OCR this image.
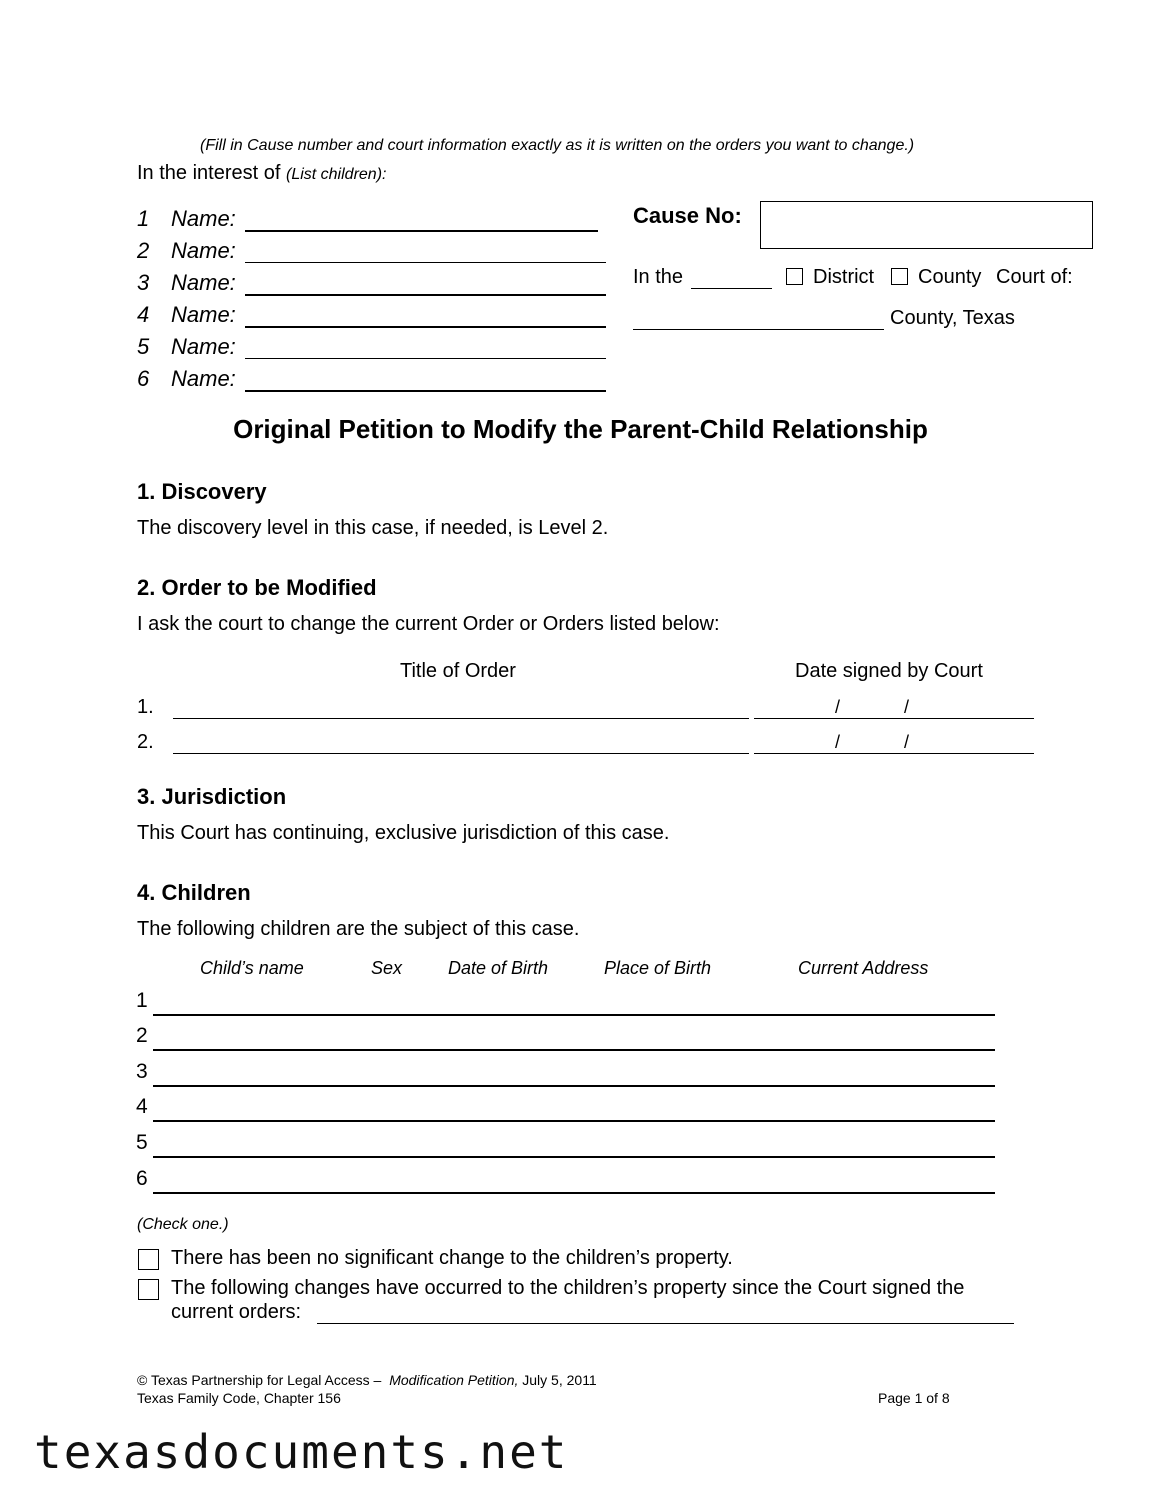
(Fill in Cause number and court information exactly as it is written on the orders you want to change.)
In the interest of (List children):
1 Name:
2 Name:
3 Name:
4 Name:
5 Name:
6 Name:
Cause No:
In the	District County Court of:
County, Texas
Original Petition to Modify the Parent-Child Relationship
1. Discovery
The discovery level in this case, if needed, is Level 2.
2. Order to be Modified
I ask the court to change the current Order or Orders listed below:
Title of Order	Date signed by Court
1.	/	/
2.	/	/
3. Jurisdiction
This Court has continuing, exclusive jurisdiction of this case.
4. Children
The following children are the subject of this case.
Child’s name	Sex	Date of Birth	Place of Birth	Current Address
1
2
3
4
5
6
(Check one.)
There has been no significant change to the children’s property.
The following changes have occurred to the children’s property since the Court signed the
current orders:
© Texas Partnership for Legal Access – Modification Petition, July 5, 2011
Texas Family Code, Chapter 156	Page 1 of 8
texasdocuments.net
